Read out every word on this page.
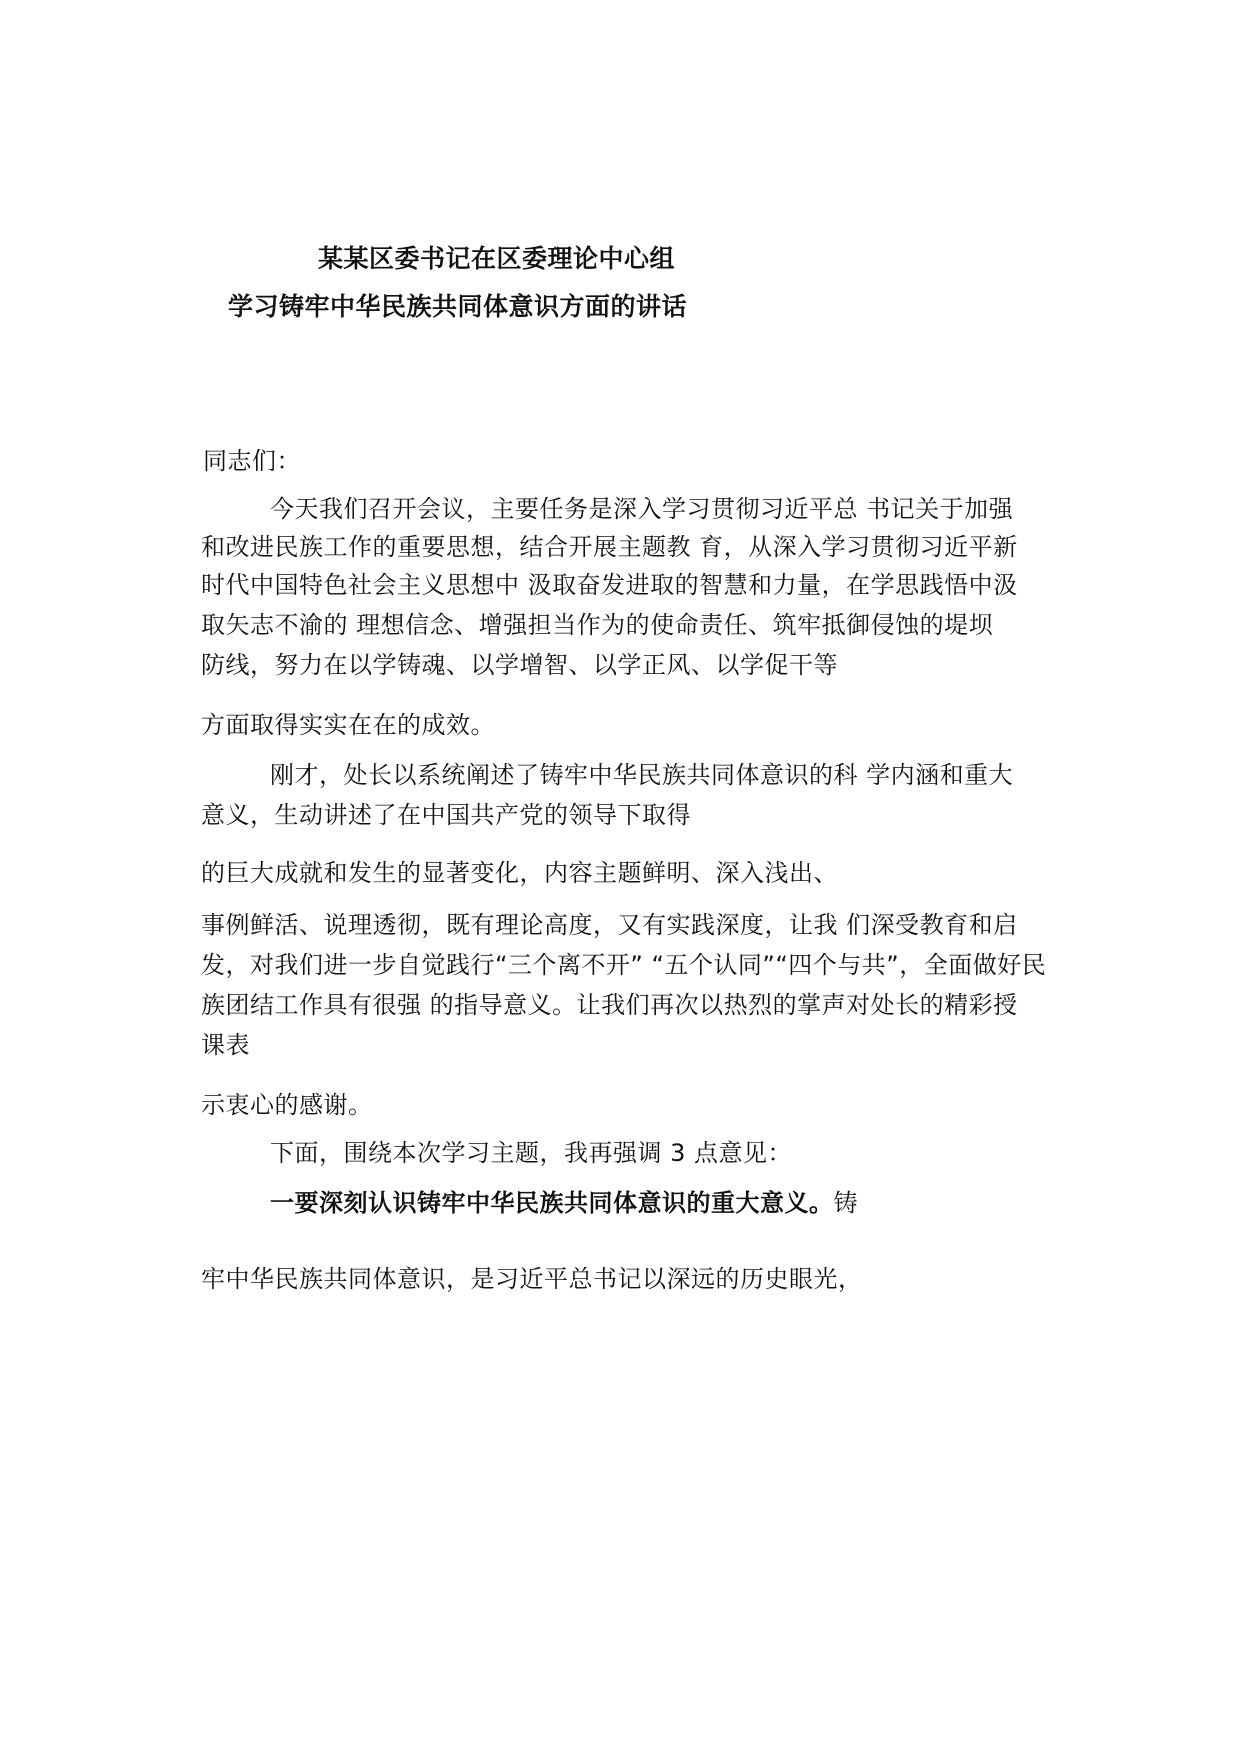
某某区委书记在区委理论中心组
学习铸牢中华民族共同体意识方面的讲话
同志们：
今天我们召开会议，主要任务是深入学习贯彻习近平总 书记关于加强
和改进民族工作的重要思想，结合开展主题教 育，从深入学习贯彻习近平新
时代中国特色社会主义思想中 汲取奋发进取的智慧和力量，在学思践悟中汲
取矢志不渝的 理想信念、增强担当作为的使命责任、筑牢抵御侵蚀的堤坝
防线，努力在以学铸魂、以学增智、以学正风、以学促干等
方面取得实实在在的成效。
刚才，处长以系统阐述了铸牢中华民族共同体意识的科 学内涵和重大
意义，生动讲述了在中国共产党的领导下取得
的巨大成就和发生的显著变化，内容主题鲜明、深入浅出、
事例鲜活、说理透彻，既有理论高度，又有实践深度，让我 们深受教育和启
发，对我们进一步自觉践行“三个离不开” “五个认同”“四个与共”，全面做好民
族团结工作具有很强 的指导意义。让我们再次以热烈的掌声对处长的精彩授
课表
示衷心的感谢。
下面，围绕本次学习主题，我再强调 3 点意见：
一要深刻认识铸牢中华民族共同体意识的重大意义。铸
牢中华民族共同体意识，是习近平总书记以深远的历史眼光，
